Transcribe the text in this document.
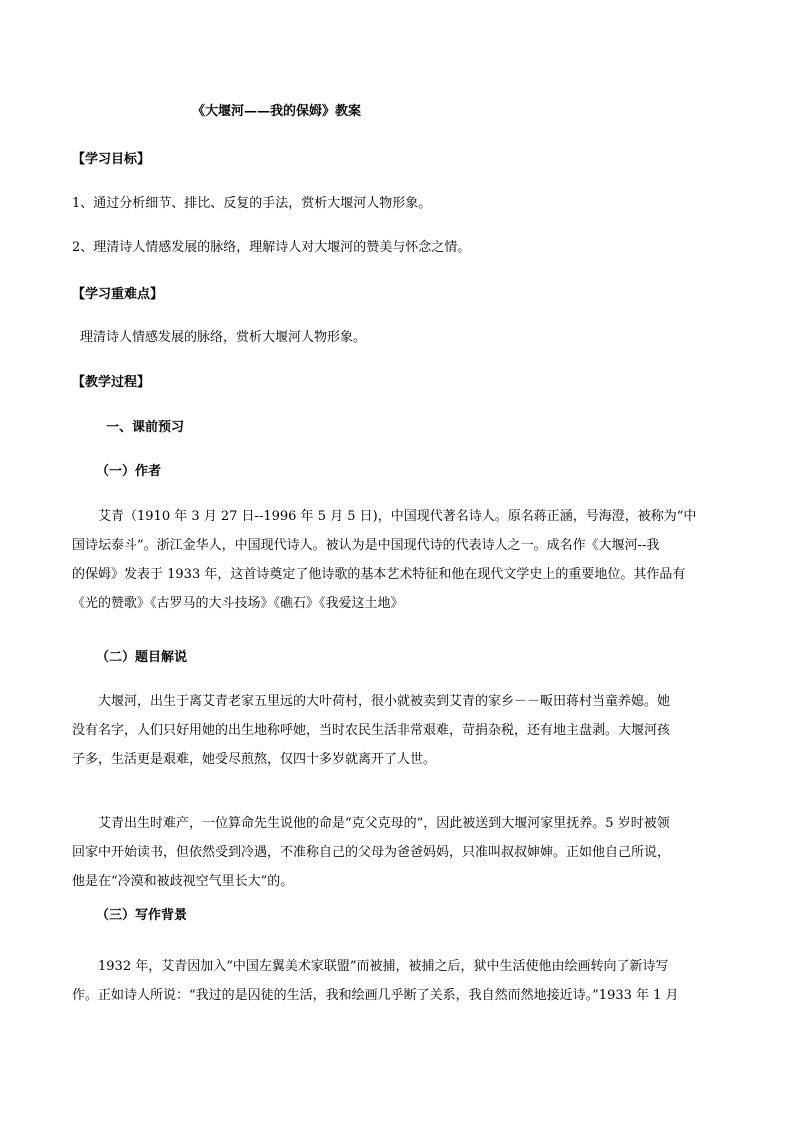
《大堰河——我的保姆》教案
【学习目标】
1、通过分析细节、排比、反复的手法，赏析大堰河人物形象。
2、理清诗人情感发展的脉络，理解诗人对大堰河的赞美与怀念之情。
【学习重难点】
理清诗人情感发展的脉络，赏析大堰河人物形象。
【教学过程】
一、课前预习
（一）作者
艾青（1910 年 3 月 27 日--1996 年 5 月 5 日)，中国现代著名诗人。原名蒋正涵，号海澄，被称为“中
国诗坛泰斗”。浙江金华人，中国现代诗人。被认为是中国现代诗的代表诗人之一。成名作《大堰河--我
的保姆》发表于 1933 年，这首诗奠定了他诗歌的基本艺术特征和他在现代文学史上的重要地位。其作品有
《光的赞歌》《古罗马的大斗技场》《礁石》《我爱这土地》
（二）题目解说
大堰河，出生于离艾青老家五里远的大叶荷村，很小就被卖到艾青的家乡－－畈田蒋村当童养媳。她
没有名字，人们只好用她的出生地称呼她，当时农民生活非常艰难，苛捐杂税，还有地主盘剥。大堰河孩
子多，生活更是艰难，她受尽煎熬，仅四十多岁就离开了人世。
艾青出生时难产，一位算命先生说他的命是“克父克母的”，因此被送到大堰河家里抚养。5 岁时被领
回家中开始读书，但依然受到冷遇，不准称自己的父母为爸爸妈妈，只准叫叔叔婶婶。正如他自己所说，
他是在“冷漠和被歧视空气里长大”的。
（三）写作背景
1932 年，艾青因加入“中国左翼美术家联盟”而被捕，被捕之后，狱中生活使他由绘画转向了新诗写
作。正如诗人所说：“我过的是囚徒的生活，我和绘画几乎断了关系，我自然而然地接近诗。”1933 年 1 月
